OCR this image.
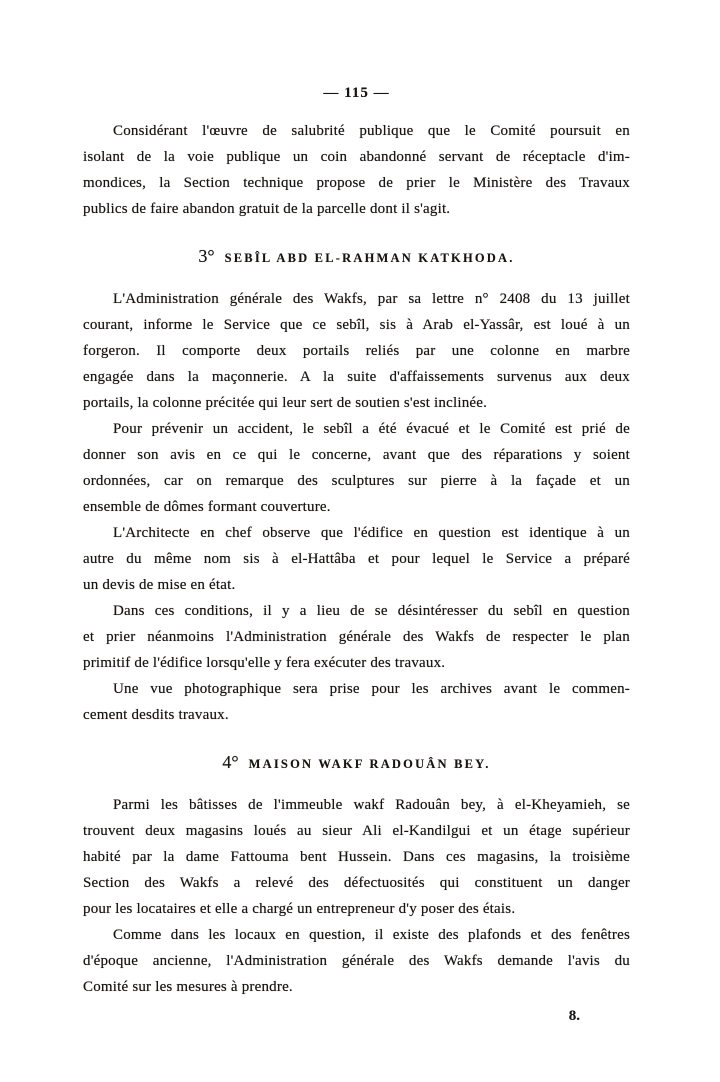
— 115 —
Considérant l'œuvre de salubrité publique que le Comité poursuit en
isolant de la voie publique un coin abandonné servant de réceptacle d'im-
mondices, la Section technique propose de prier le Ministère des Travaux
publics de faire abandon gratuit de la parcelle dont il s'agit.
3° SEBÎL ABD EL-RAHMAN KATKHODA.
L'Administration générale des Wakfs, par sa lettre n° 2408 du 13 juillet
courant, informe le Service que ce sebîl, sis à Arab el-Yassâr, est loué à un
forgeron. Il comporte deux portails reliés par une colonne en marbre
engagée dans la maçonnerie. A la suite d'affaissements survenus aux deux
portails, la colonne précitée qui leur sert de soutien s'est inclinée.
Pour prévenir un accident, le sebîl a été évacué et le Comité est prié de
donner son avis en ce qui le concerne, avant que des réparations y soient
ordonnées, car on remarque des sculptures sur pierre à la façade et un
ensemble de dômes formant couverture.
L'Architecte en chef observe que l'édifice en question est identique à un
autre du même nom sis à el-Hattâba et pour lequel le Service a préparé
un devis de mise en état.
Dans ces conditions, il y a lieu de se désintéresser du sebîl en question
et prier néanmoins l'Administration générale des Wakfs de respecter le plan
primitif de l'édifice lorsqu'elle y fera exécuter des travaux.
Une vue photographique sera prise pour les archives avant le commen-
cement desdits travaux.
4° MAISON WAKF RADOUÂN BEY.
Parmi les bâtisses de l'immeuble wakf Radouân bey, à el-Kheyamieh, se
trouvent deux magasins loués au sieur Ali el-Kandilgui et un étage supérieur
habité par la dame Fattouma bent Hussein. Dans ces magasins, la troisième
Section des Wakfs a relevé des défectuosités qui constituent un danger
pour les locataires et elle a chargé un entrepreneur d'y poser des étais.
Comme dans les locaux en question, il existe des plafonds et des fenêtres
d'époque ancienne, l'Administration générale des Wakfs demande l'avis du
Comité sur les mesures à prendre.
8.
